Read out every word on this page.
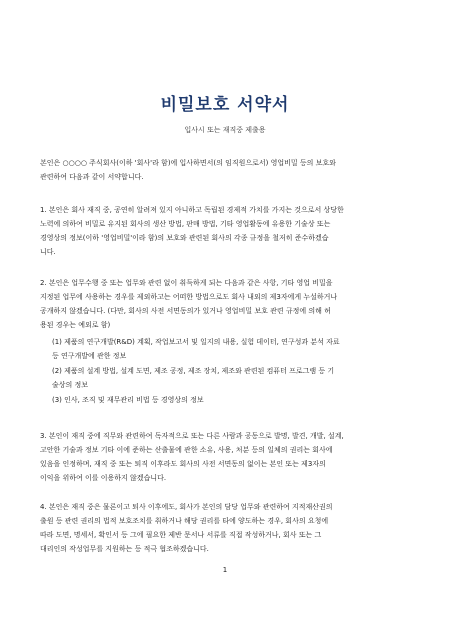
비밀보호 서약서
입사시 또는 재직중 제출용
본인은 ○○○○ 주식회사(이하 '회사'라 함)에 입사하면서(의 임직원으로서) 영업비밀 등의 보호와
관련하여 다음과 같이 서약합니다.
1. 본인은 회사 재직 중, 공연히 알려져 있지 아니하고 독립된 경제적 가치를 가지는 것으로서 상당한
노력에 의하여 비밀로 유지된 회사의 생산 방법, 판매 방법, 기타 영업활동에 유용한 기술상 또는
경영상의 정보(이하 '영업비밀'이라 함)의 보호와 관련된 회사의 각종 규정을 철저히 준수하겠습
니다.
2. 본인은 업무수행 중 또는 업무와 관련 없이 취득하게 되는 다음과 같은 사항, 기타 영업 비밀을
지정된 업무에 사용하는 경우를 제외하고는 어떠한 방법으로도 회사 내외의 제3자에게 누설하거나
공개하지 않겠습니다. (다만, 회사의 사전 서면동의가 있거나 영업비밀 보호 관련 규정에 의해 허
용된 경우는 예외로 함)
(1) 제품의 연구개발(R&D) 계획, 작업보고서 및 일지의 내용, 실험 데이터, 연구성과 분석 자료
등 연구개발에 관한 정보
(2) 제품의 설계 방법, 설계 도면, 제조 공정, 제조 장치, 제조와 관련된 컴퓨터 프로그램 등 기
술상의 정보
(3) 인사, 조직 및 재무관리 비법 등 경영상의 정보
3. 본인이 재직 중에 직무와 관련하여 독자적으로 또는 다른 사람과 공동으로 발명, 발견, 개발, 설계,
고안한 기술과 정보 기타 이에 준하는 산출물에 관한 소유, 사용, 처분 등의 일체의 권리는 회사에
있음을 인정하며, 재직 중 또는 퇴직 이후라도 회사의 사전 서면동의 없이는 본인 또는 제3자의
이익을 위하여 이를 이용하지 않겠습니다.
4. 본인은 재직 중은 물론이고 퇴사 이후에도, 회사가 본인의 담당 업무와 관련하여 지적재산권의
출원 등 관련 권리의 법적 보호조치를 취하거나 해당 권리를 타에 양도하는 경우, 회사의 요청에
따라 도면, 명세서, 확인서 등 그에 필요한 제반 문서나 서류를 직접 작성하거나, 회사 또는 그
대리인의 작성업무를 지원하는 등 적극 협조하겠습니다.
1
